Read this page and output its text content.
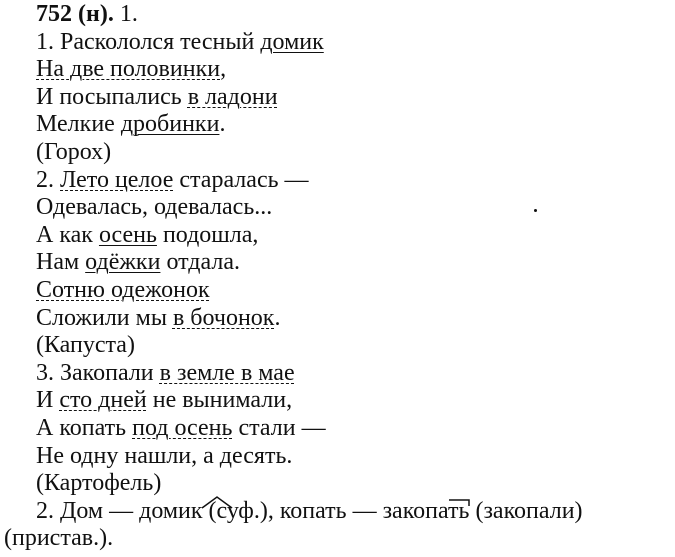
752 (н). 1.
1. Раскололся тесный домик
На две половинки,
И посыпались в ладони
Мелкие дробинки.
(Горох)
2. Лето целое старалась —
Одевалась, одевалась...
А как осень подошла,
Нам одёжки отдала.
Сотню одежонок
Сложили мы в бочонок.
(Капуста)
3. Закопали в земле в мае
И сто дней не вынимали,
А копать под осень стали —
Не одну нашли, а десять.
(Картофель)
2. Дом — домик (суф.), копать — закопать (закопали)
(пристав.).
